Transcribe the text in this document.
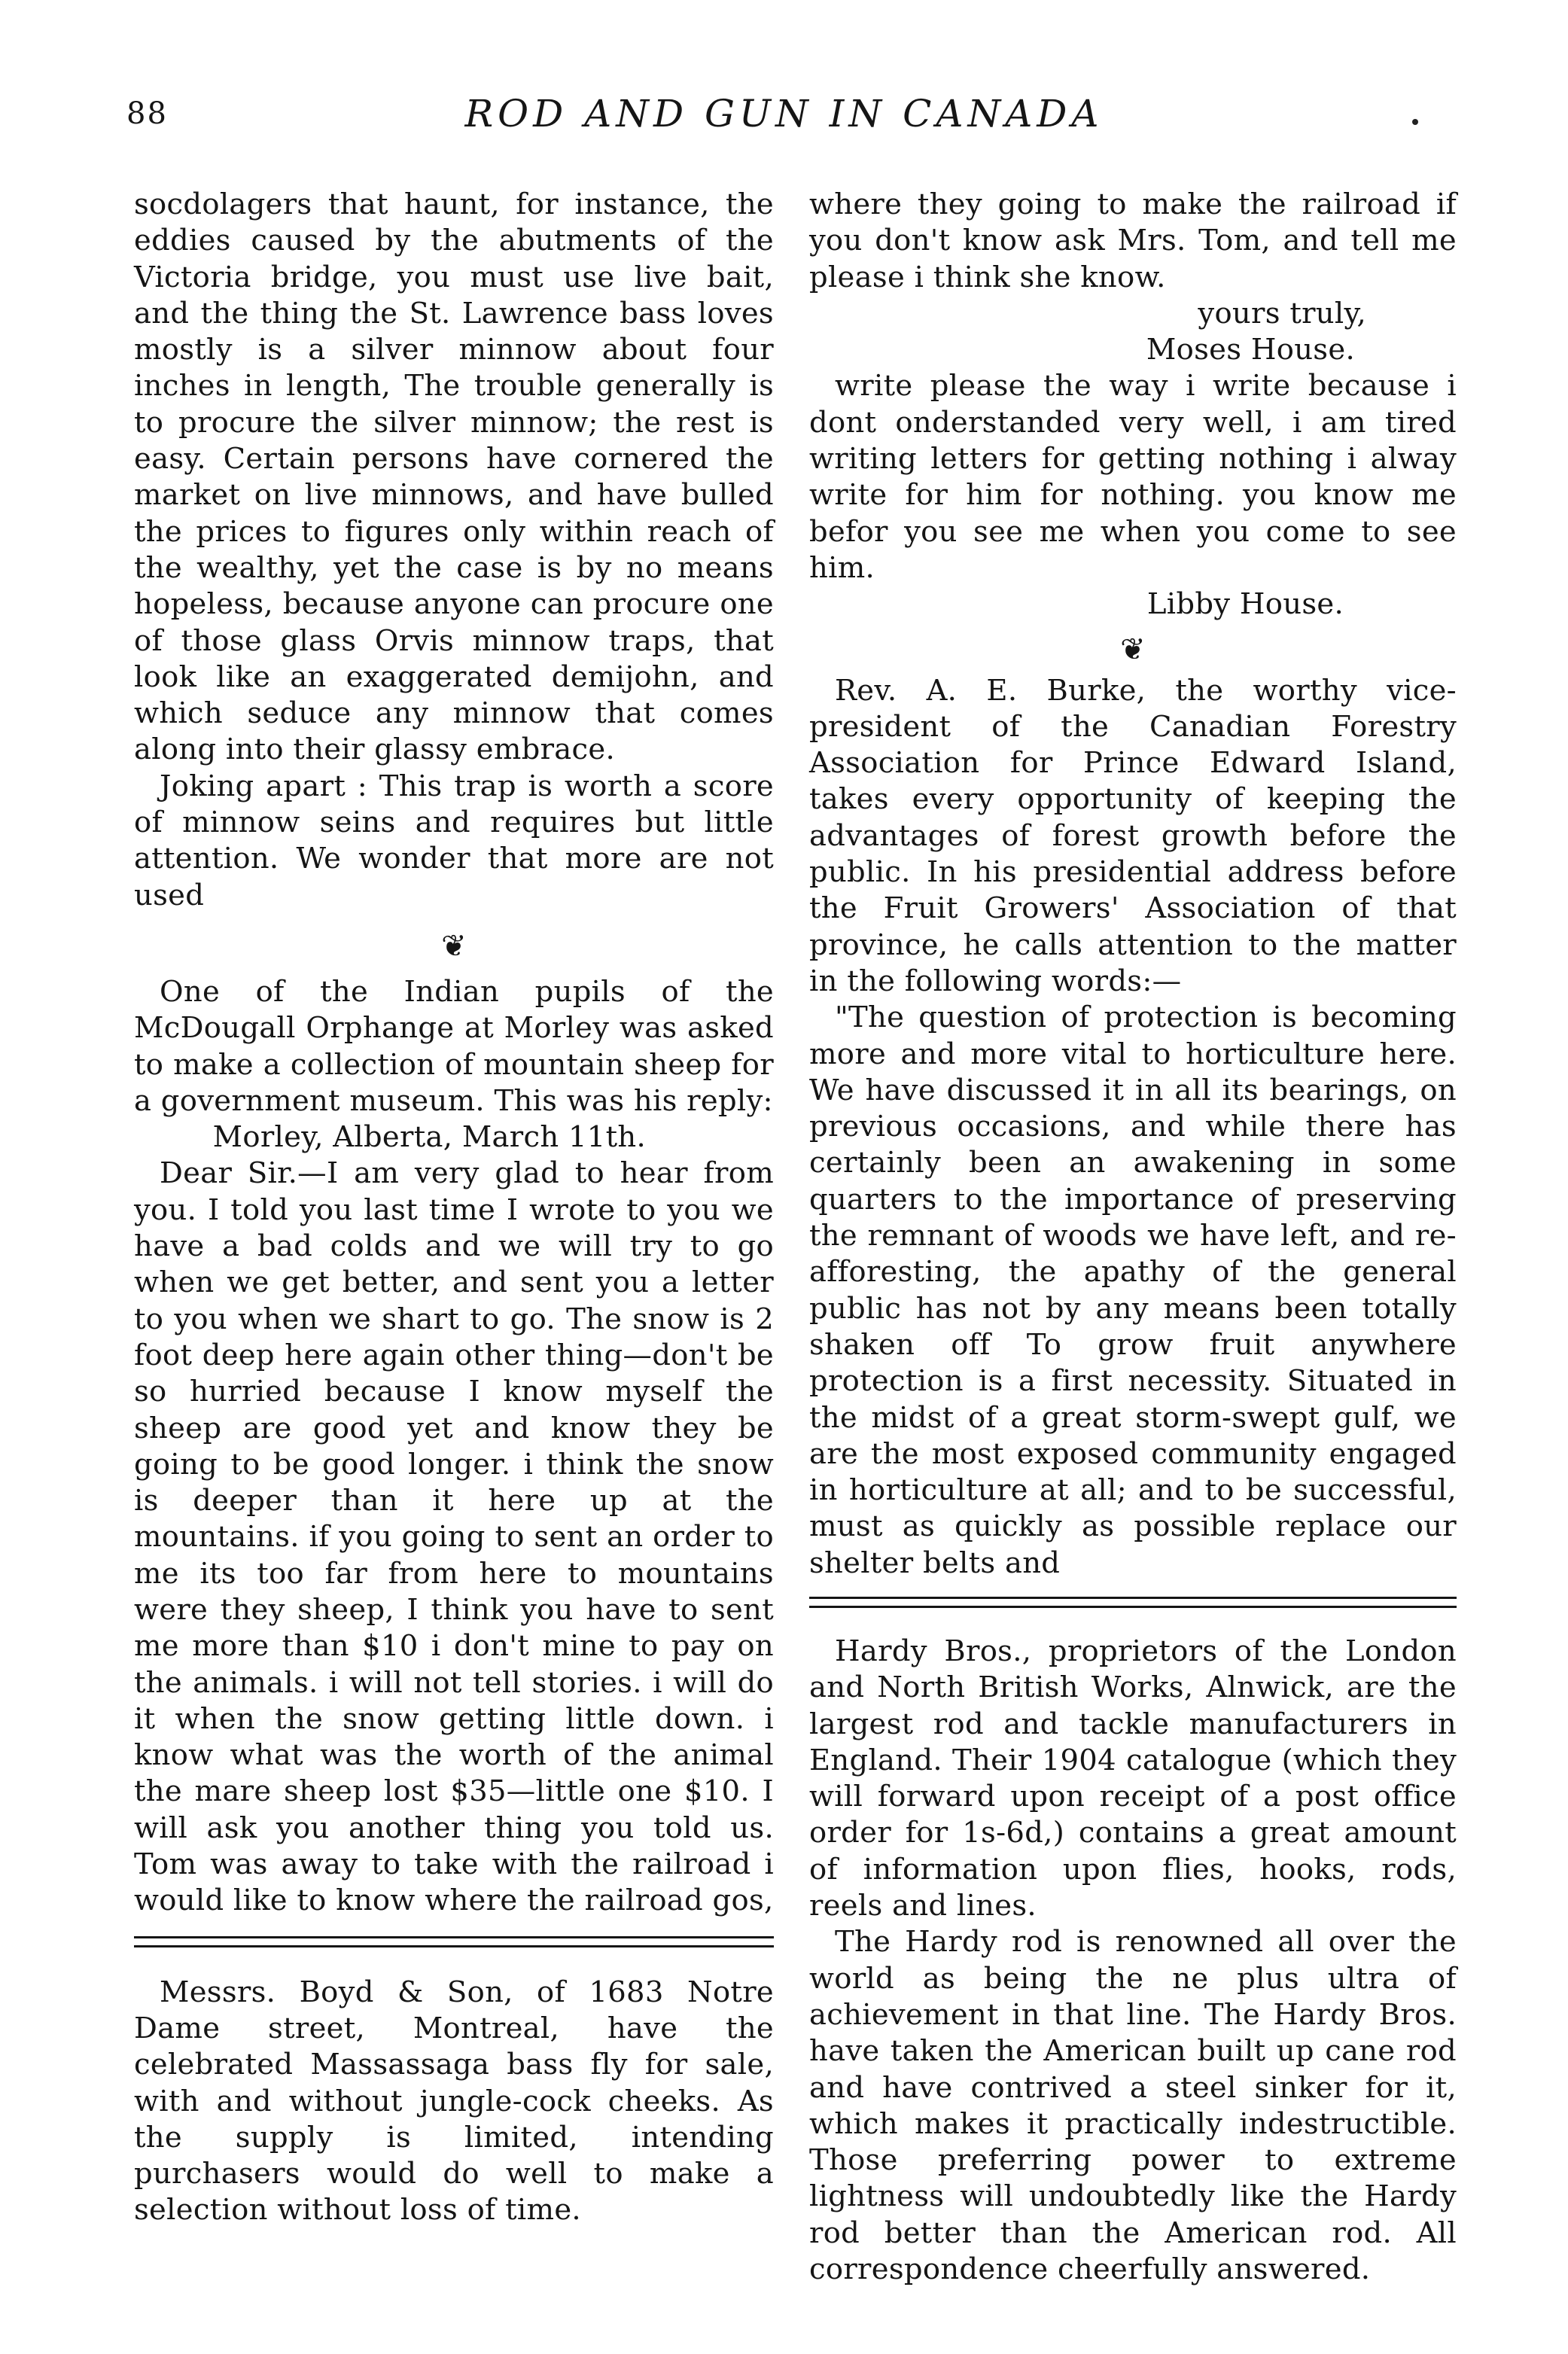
88	ROD AND GUN IN CANADA

socdolagers that haunt, for instance, the eddies caused by the abutments of the Victoria bridge, you must use live bait, and the thing the St. Lawrence bass loves mostly is a silver minnow about four inches in length, The trouble generally is to procure the silver minnow; the rest is easy. Certain persons have cornered the market on live minnows, and have bulled the prices to figures only within reach of the wealthy, yet the case is by no means hopeless, because anyone can procure one of those glass Orvis minnow traps, that look like an exaggerated demijohn, and which seduce any minnow that comes along into their glassy embrace.

Joking apart : This trap is worth a score of minnow seins and requires but little attention. We wonder that more are not used

❦

One of the Indian pupils of the McDougall Orphange at Morley was asked to make a collection of mountain sheep for a government museum. This was his reply:

Morley, Alberta, March 11th.

Dear Sir.—I am very glad to hear from you. I told you last time I wrote to you we have a bad colds and we will try to go when we get better, and sent you a letter to you when we shart to go. The snow is 2 foot deep here again other thing—don't be so hurried because I know myself the sheep are good yet and know they be going to be good longer. i think the snow is deeper than it here up at the mountains. if you going to sent an order to me its too far from here to mountains were they sheep, I think you have to sent me more than $10 i don't mine to pay on the animals. i will not tell stories. i will do it when the snow getting little down. i know what was the worth of the animal the mare sheep lost $35—little one $10. I will ask you another thing you told us. Tom was away to take with the railroad i would like to know where the railroad gos,

Messrs. Boyd & Son, of 1683 Notre Dame street, Montreal, have the celebrated Massassaga bass fly for sale, with and without jungle-cock cheeks. As the supply is limited, intending purchasers would do well to make a selection without loss of time.

where they going to make the railroad if you don't know ask Mrs. Tom, and tell me please i think she know.

yours truly,

Moses House.

write please the way i write because i dont onderstanded very well, i am tired writing letters for getting nothing i alway write for him for nothing. you know me befor you see me when you come to see him.

Libby House.

❦

Rev. A. E. Burke, the worthy vice-president of the Canadian Forestry Association for Prince Edward Island, takes every opportunity of keeping the advantages of forest growth before the public. In his presidential address before the Fruit Growers' Association of that province, he calls attention to the matter in the following words:—

"The question of protection is becoming more and more vital to horticulture here. We have discussed it in all its bearings, on previous occasions, and while there has certainly been an awakening in some quarters to the importance of preserving the remnant of woods we have left, and re-afforesting, the apathy of the general public has not by any means been totally shaken off To grow fruit anywhere protection is a first necessity. Situated in the midst of a great storm-swept gulf, we are the most exposed community engaged in horticulture at all; and to be successful, must as quickly as possible replace our shelter belts and

Hardy Bros., proprietors of the London and North British Works, Alnwick, are the largest rod and tackle manufacturers in England. Their 1904 catalogue (which they will forward upon receipt of a post office order for 1s-6d,) contains a great amount of information upon flies, hooks, rods, reels and lines.

The Hardy rod is renowned all over the world as being the ne plus ultra of achievement in that line. The Hardy Bros. have taken the American built up cane rod and have contrived a steel sinker for it, which makes it practically indestructible. Those preferring power to extreme lightness will undoubtedly like the Hardy rod better than the American rod. All correspondence cheerfully answered.
